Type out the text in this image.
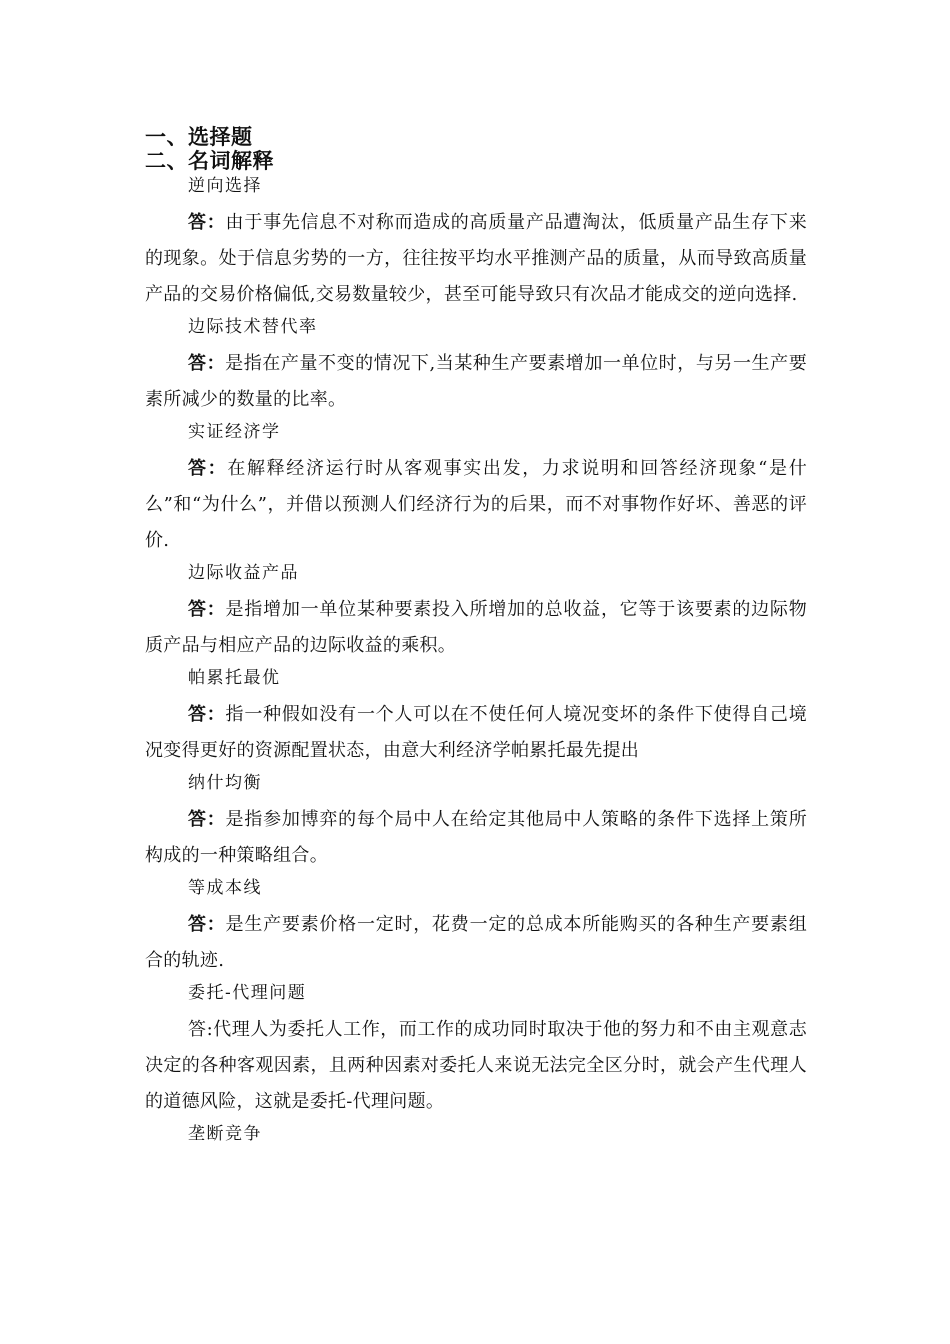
一、选择题
二、名词解释
逆向选择

答：由于事先信息不对称而造成的高质量产品遭淘汰，低质量产品生存下来的现象。处于信息劣势的一方，往往按平均水平推测产品的质量，从而导致高质量产品的交易价格偏低,交易数量较少，甚至可能导致只有次品才能成交的逆向选择.

边际技术替代率

答：是指在产量不变的情况下,当某种生产要素增加一单位时，与另一生产要素所减少的数量的比率。

实证经济学

答：在解释经济运行时从客观事实出发，力求说明和回答经济现象“是什么”和“为什么”，并借以预测人们经济行为的后果，而不对事物作好坏、善恶的评价.

边际收益产品

答：是指增加一单位某种要素投入所增加的总收益，它等于该要素的边际物质产品与相应产品的边际收益的乘积。

帕累托最优

答：指一种假如没有一个人可以在不使任何人境况变坏的条件下使得自己境况变得更好的资源配置状态，由意大利经济学帕累托最先提出

纳什均衡

答：是指参加博弈的每个局中人在给定其他局中人策略的条件下选择上策所构成的一种策略组合。

等成本线

答：是生产要素价格一定时，花费一定的总成本所能购买的各种生产要素组合的轨迹.

委托-代理问题

答:代理人为委托人工作，而工作的成功同时取决于他的努力和不由主观意志决定的各种客观因素，且两种因素对委托人来说无法完全区分时，就会产生代理人的道德风险，这就是委托-代理问题。

垄断竞争
